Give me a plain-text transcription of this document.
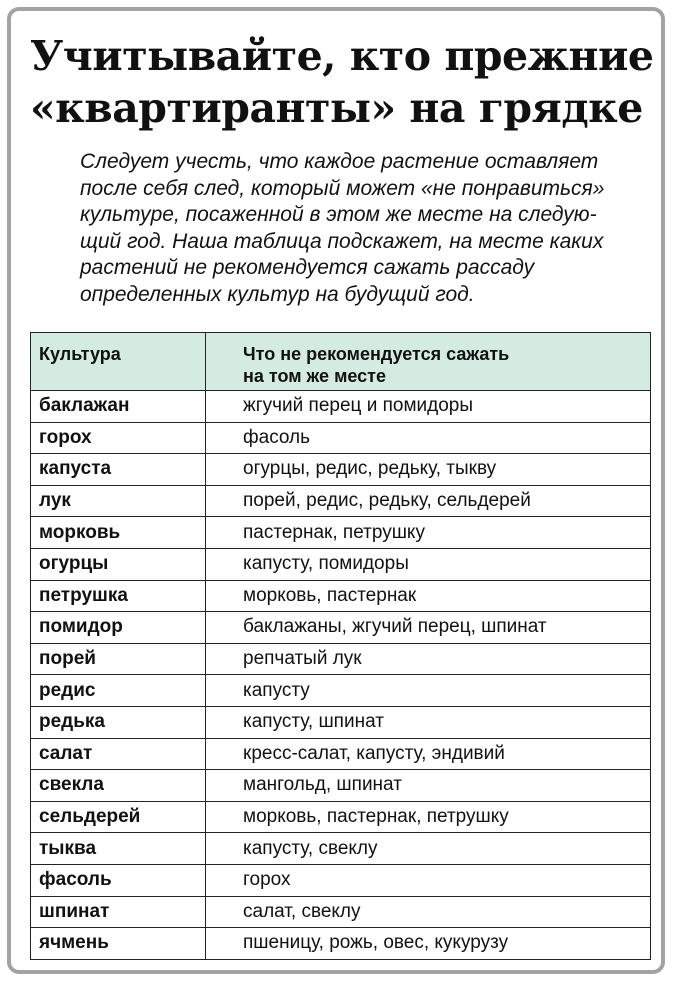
Учитывайте, кто прежние
«квартиранты» на грядке

Следует учесть, что каждое растение оставляет
после себя след, который может «не понравиться»
культуре, посаженной в этом же месте на следую-
щий год. Наша таблица подскажет, на месте каких
растений не рекомендуется сажать рассаду
определенных культур на будущий год.

Культура	Что не рекомендуется сажать
на том же месте
баклажан	жгучий перец и помидоры
горох	фасоль
капуста	огурцы, редис, редьку, тыкву
лук	порей, редис, редьку, сельдерей
морковь	пастернак, петрушку
огурцы	капусту, помидоры
петрушка	морковь, пастернак
помидор	баклажаны, жгучий перец, шпинат
порей	репчатый лук
редис	капусту
редька	капусту, шпинат
салат	кресс-салат, капусту, эндивий
свекла	мангольд, шпинат
сельдерей	морковь, пастернак, петрушку
тыква	капусту, свеклу
фасоль	горох
шпинат	салат, свеклу
ячмень	пшеницу, рожь, овес, кукурузу
